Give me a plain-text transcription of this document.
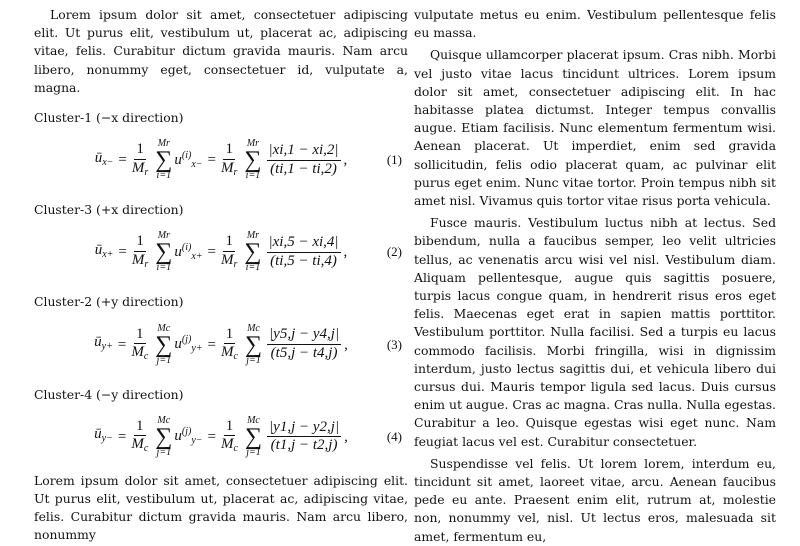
Lorem ipsum dolor sit amet, consectetuer adipiscing elit. Ut purus elit, vestibulum ut, placerat ac, adipiscing vitae, felis. Curabitur dictum gravida mauris. Nam arcu libero, nonummy eget, consectetuer id, vulputate a, magna.

Cluster-1 (−x direction)
$ū_{x-} = \frac{1}{M_r}$ Mr
∑
i=1
$u^{(i)}_{x-} = \frac{1}{M_r}$ Mr
∑
$i=1 \frac{|xi,1 - xi,2|}{(ti,1 - ti,2)}$ ,	(1)
Cluster-3 (+x direction)
$ū_{x+} = \frac{1}{M_r}$ Mr
∑
i=1
$u^{(i)}_{x+} = \frac{1}{M_r}$ Mr
∑
$i=1 \frac{|xi,5 - xi,4|}{(ti,5 - ti,4)}$ ,	(2)
Cluster-2 (+y direction)
$ū_{y+} = \frac{1}{M_c}$ Mc
∑
j=1
$u^{(j)}_{y+} = \frac{1}{M_c}$ Mc
∑
$j=1 \frac{|y5,j - y4,j|}{(t5,j - t4,j)}$ ,	(3)
Cluster-4 (−y direction)
$ū_{y-} = \frac{1}{M_c}$ Mc
∑
j=1
$u^{(j)}_{y-} = \frac{1}{M_c}$ Mc
∑
$j=1 \frac{|y1,j - y2,j|}{(t1,j - t2,j)}$ ,	(4)

Lorem ipsum dolor sit amet, consectetuer adipiscing elit. Ut purus elit, vestibulum ut, placerat ac, adipiscing vitae, felis. Curabitur dictum gravida mauris. Nam arcu libero, nonummy

vulputate metus eu enim. Vestibulum pellentesque felis eu massa.

Quisque ullamcorper placerat ipsum. Cras nibh. Morbi vel justo vitae lacus tincidunt ultrices. Lorem ipsum dolor sit amet, consectetuer adipiscing elit. In hac habitasse platea dictumst. Integer tempus convallis augue. Etiam facilisis. Nunc elementum fermentum wisi. Aenean placerat. Ut imperdiet, enim sed gravida sollicitudin, felis odio placerat quam, ac pulvinar elit purus eget enim. Nunc vitae tortor. Proin tempus nibh sit amet nisl. Vivamus quis tortor vitae risus porta vehicula.

Fusce mauris. Vestibulum luctus nibh at lectus. Sed bibendum, nulla a faucibus semper, leo velit ultricies tellus, ac venenatis arcu wisi vel nisl. Vestibulum diam. Aliquam pellentesque, augue quis sagittis posuere, turpis lacus congue quam, in hendrerit risus eros eget felis. Maecenas eget erat in sapien mattis porttitor. Vestibulum porttitor. Nulla facilisi. Sed a turpis eu lacus commodo facilisis. Morbi fringilla, wisi in dignissim interdum, justo lectus sagittis dui, et vehicula libero dui cursus dui. Mauris tempor ligula sed lacus. Duis cursus enim ut augue. Cras ac magna. Cras nulla. Nulla egestas. Curabitur a leo. Quisque egestas wisi eget nunc. Nam feugiat lacus vel est. Curabitur consectetuer.

Suspendisse vel felis. Ut lorem lorem, interdum eu, tincidunt sit amet, laoreet vitae, arcu. Aenean faucibus pede eu ante. Praesent enim elit, rutrum at, molestie non, nonummy vel, nisl. Ut lectus eros, malesuada sit amet, fermentum eu,
